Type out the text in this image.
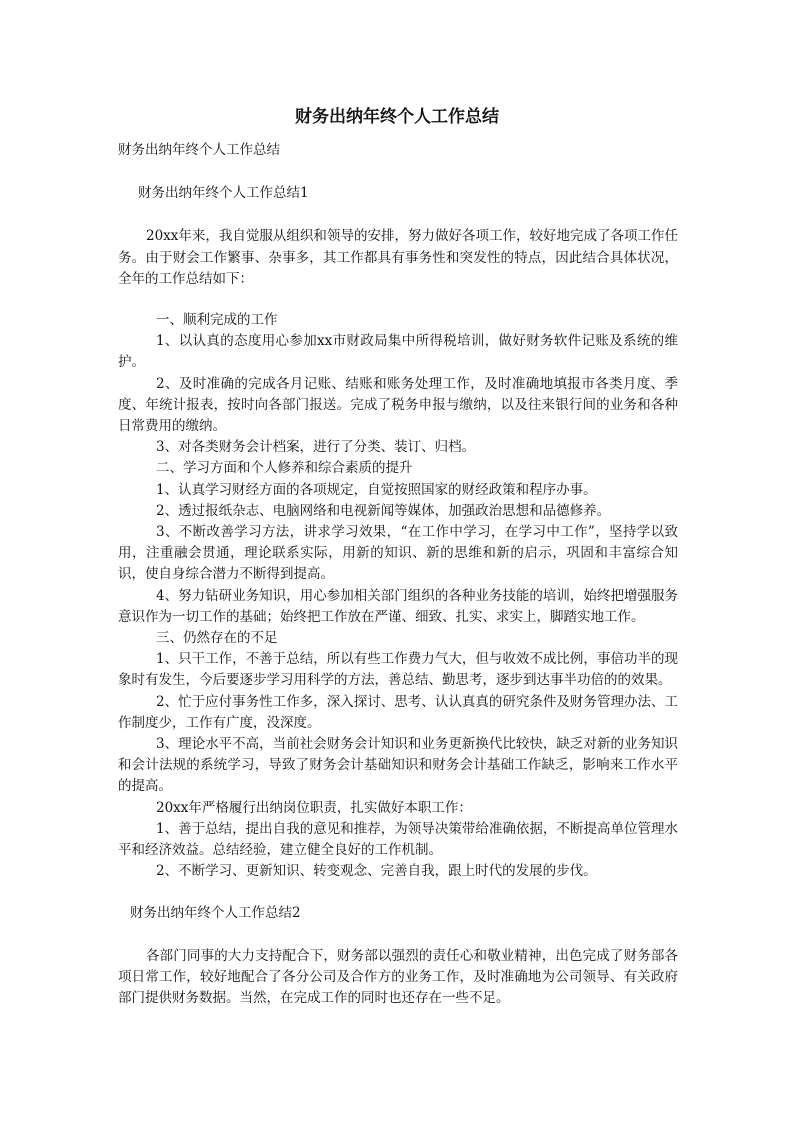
财务出纳年终个人工作总结

财务出纳年终个人工作总结

财务出纳年终个人工作总结1

20xx年来，我自觉服从组织和领导的安排，努力做好各项工作，较好地完成了各项工作任务。由于财会工作繁事、杂事多，其工作都具有事务性和突发性的特点，因此结合具体状况，全年的工作总结如下：

一、顺利完成的工作

1、以认真的态度用心参加xx市财政局集中所得税培训，做好财务软件记账及系统的维护。

2、及时准确的完成各月记账、结账和账务处理工作，及时准确地填报市各类月度、季度、年统计报表，按时向各部门报送。完成了税务申报与缴纳，以及往来银行间的业务和各种日常费用的缴纳。

3、对各类财务会计档案，进行了分类、装订、归档。

二、学习方面和个人修养和综合素质的提升

1、认真学习财经方面的各项规定，自觉按照国家的财经政策和程序办事。

2、透过报纸杂志、电脑网络和电视新闻等媒体，加强政治思想和品德修养。

3、不断改善学习方法，讲求学习效果，“在工作中学习，在学习中工作”，坚持学以致用，注重融会贯通，理论联系实际，用新的知识、新的思维和新的启示，巩固和丰富综合知识，使自身综合潜力不断得到提高。

4、努力钻研业务知识，用心参加相关部门组织的各种业务技能的培训，始终把增强服务意识作为一切工作的基础；始终把工作放在严谨、细致、扎实、求实上，脚踏实地工作。

三、仍然存在的不足

1、只干工作，不善于总结，所以有些工作费力气大，但与收效不成比例，事倍功半的现象时有发生，今后要逐步学习用科学的方法，善总结、勤思考，逐步到达事半功倍的的效果。

2、忙于应付事务性工作多，深入探讨、思考、认认真真的研究条件及财务管理办法、工作制度少，工作有广度，没深度。

3、理论水平不高，当前社会财务会计知识和业务更新换代比较快，缺乏对新的业务知识和会计法规的系统学习，导致了财务会计基础知识和财务会计基础工作缺乏，影响来工作水平的提高。

20xx年严格履行出纳岗位职责，扎实做好本职工作：

1、善于总结，提出自我的意见和推荐，为领导决策带给准确依据，不断提高单位管理水平和经济效益。总结经验，建立健全良好的工作机制。

2、不断学习、更新知识、转变观念、完善自我，跟上时代的发展的步伐。

财务出纳年终个人工作总结2

各部门同事的大力支持配合下，财务部以强烈的责任心和敬业精神，出色完成了财务部各项日常工作，较好地配合了各分公司及合作方的业务工作，及时准确地为公司领导、有关政府部门提供财务数据。当然，在完成工作的同时也还存在一些不足。
